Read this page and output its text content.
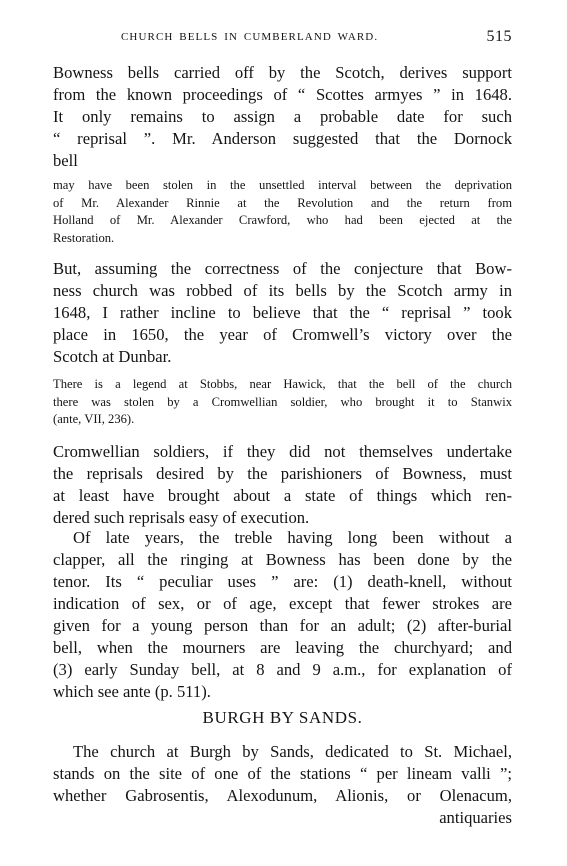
CHURCH BELLS IN CUMBERLAND WARD.	515
Bowness bells carried off by the Scotch, derives support
from the known proceedings of “ Scottes armyes ” in 1648.
It only remains to assign a probable date for such
“ reprisal ”. Mr. Anderson suggested that the Dornock
bell
may have been stolen in the unsettled interval between the deprivation
of Mr. Alexander Rinnie at the Revolution and the return from
Holland of Mr. Alexander Crawford, who had been ejected at the
Restoration.
But, assuming the correctness of the conjecture that Bow-
ness church was robbed of its bells by the Scotch army in
1648, I rather incline to believe that the “ reprisal ” took
place in 1650, the year of Cromwell’s victory over the
Scotch at Dunbar.
There is a legend at Stobbs, near Hawick, that the bell of the church
there was stolen by a Cromwellian soldier, who brought it to Stanwix
(ante, VII, 236).
Cromwellian soldiers, if they did not themselves undertake
the reprisals desired by the parishioners of Bowness, must
at least have brought about a state of things which ren-
dered such reprisals easy of execution.
Of late years, the treble having long been without a
clapper, all the ringing at Bowness has been done by the
tenor. Its “ peculiar uses ” are: (1) death-knell, without
indication of sex, or of age, except that fewer strokes are
given for a young person than for an adult; (2) after-burial
bell, when the mourners are leaving the churchyard; and
(3) early Sunday bell, at 8 and 9 a.m., for explanation of
which see ante (p. 511).
BURGH BY SANDS.
The church at Burgh by Sands, dedicated to St. Michael,
stands on the site of one of the stations “ per lineam valli ”;
whether Gabrosentis, Alexodunum, Alionis, or Olenacum,
antiquaries
